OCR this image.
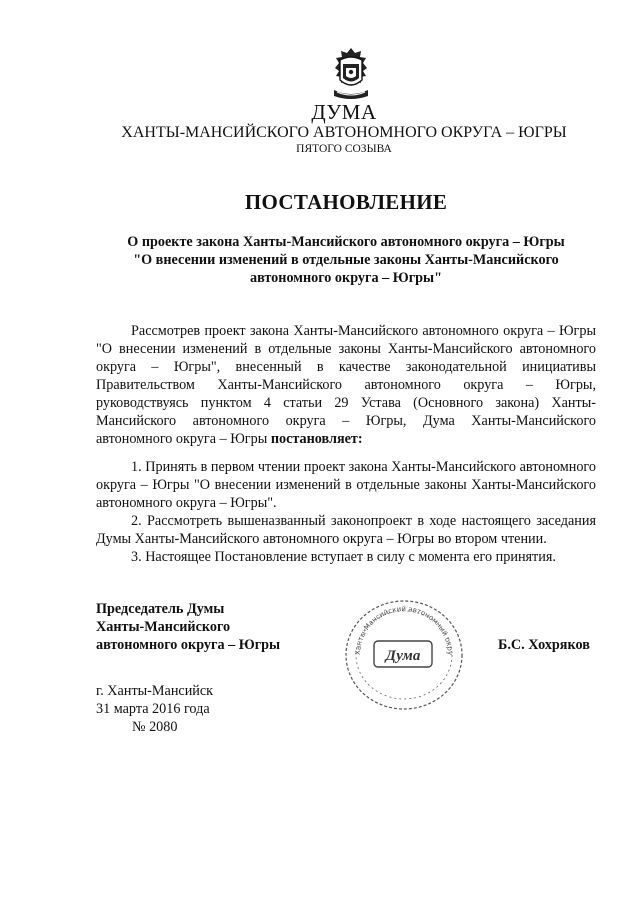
ДУМА
ХАНТЫ-МАНСИЙСКОГО АВТОНОМНОГО ОКРУГА – ЮГРЫ
ПЯТОГО СОЗЫВА
ПОСТАНОВЛЕНИЕ
О проекте закона Ханты-Мансийского автономного округа – Югры
"О внесении изменений в отдельные законы Ханты-Мансийского
автономного округа – Югры"
Рассмотрев проект закона Ханты-Мансийского автономного округа – Югры "О внесении изменений в отдельные законы Ханты-Мансийского автономного округа – Югры", внесенный в качестве законодательной инициативы Правительством Ханты-Мансийского автономного округа – Югры, руководствуясь пунктом 4 статьи 29 Устава (Основного закона) Ханты-Мансийского автономного округа – Югры, Дума Ханты-Мансийского автономного округа – Югры постановляет:
1. Принять в первом чтении проект закона Ханты-Мансийского автономного округа – Югры "О внесении изменений в отдельные законы Ханты-Мансийского автономного округа – Югры".
2. Рассмотреть вышеназванный законопроект в ходе настоящего заседания Думы Ханты-Мансийского автономного округа – Югры во втором чтении.
3. Настоящее Постановление вступает в силу с момента его принятия.
Председатель Думы
Ханты-Мансийского
автономного округа – Югры	Ханты-Мансийский автономный окру
Дума
Б.С. Хохряков
г. Ханты-Мансийск
31 марта 2016 года
№ 2080
